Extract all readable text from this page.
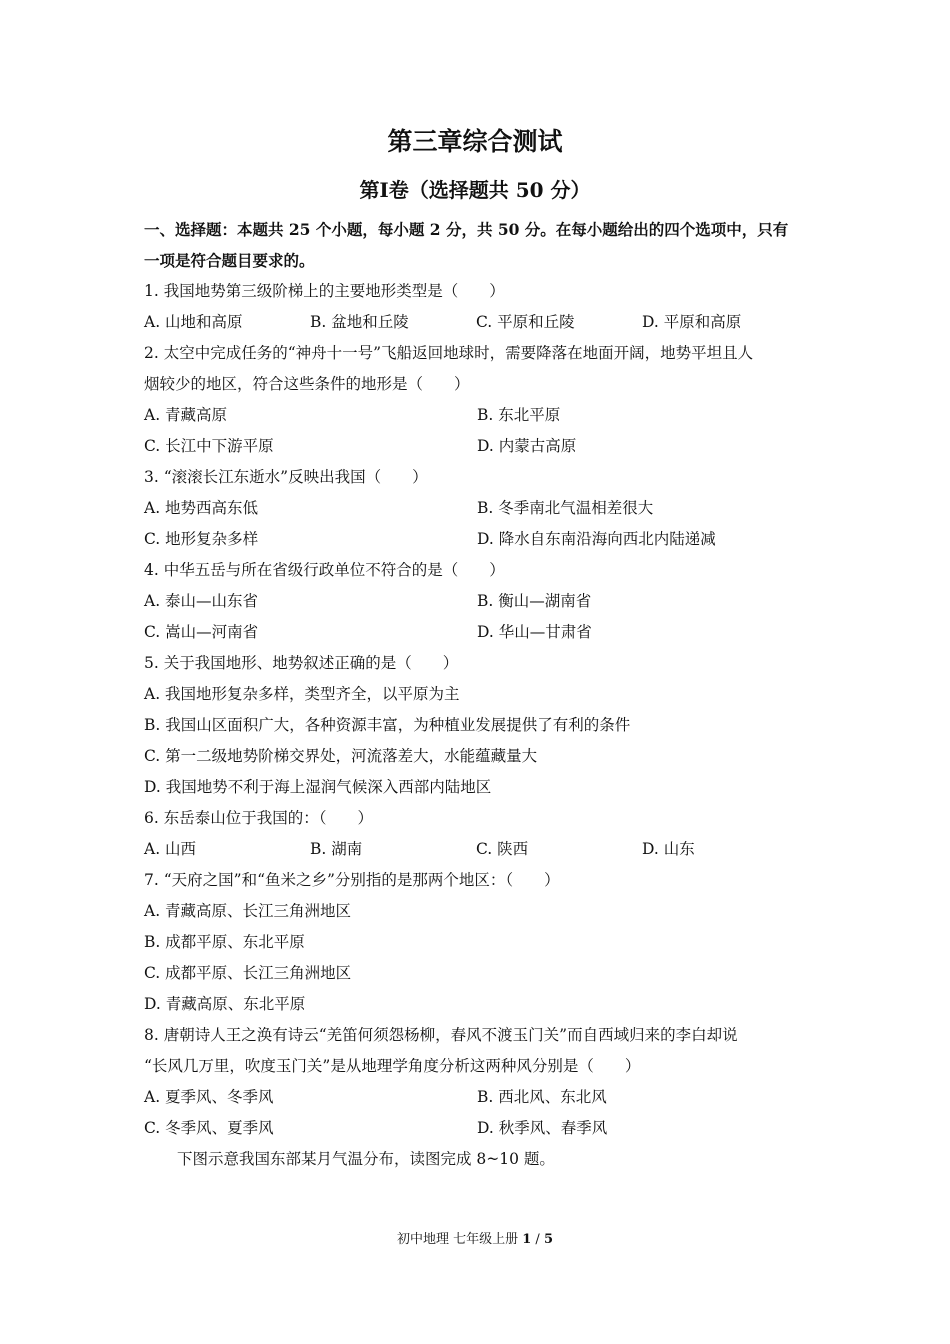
第三章综合测试
第I卷（选择题共 50 分）
一、选择题：本题共 25 个小题，每小题 2 分，共 50 分。在每小题给出的四个选项中，只有
一项是符合题目要求的。
1. 我国地势第三级阶梯上的主要地形类型是（　　）
A. 山地和高原	B. 盆地和丘陵	C. 平原和丘陵	D. 平原和高原
2. 太空中完成任务的“神舟十一号”飞船返回地球时，需要降落在地面开阔，地势平坦且人
烟较少的地区，符合这些条件的地形是（　　）
A. 青藏高原	B. 东北平原
C. 长江中下游平原	D. 内蒙古高原
3. “滚滚长江东逝水”反映出我国（　　）
A. 地势西高东低	B. 冬季南北气温相差很大
C. 地形复杂多样	D. 降水自东南沿海向西北内陆递减
4. 中华五岳与所在省级行政单位不符合的是（　　）
A. 泰山—山东省	B. 衡山—湖南省
C. 嵩山—河南省	D. 华山—甘肃省
5. 关于我国地形、地势叙述正确的是（　　）
A. 我国地形复杂多样，类型齐全，以平原为主
B. 我国山区面积广大，各种资源丰富，为种植业发展提供了有利的条件
C. 第一二级地势阶梯交界处，河流落差大，水能蕴藏量大
D. 我国地势不利于海上湿润气候深入西部内陆地区
6. 东岳泰山位于我国的：（　　）
A. 山西	B. 湖南	C. 陕西	D. 山东
7. “天府之国”和“鱼米之乡”分别指的是那两个地区：（　　）
A. 青藏高原、长江三角洲地区
B. 成都平原、东北平原
C. 成都平原、长江三角洲地区
D. 青藏高原、东北平原
8. 唐朝诗人王之涣有诗云“羌笛何须怨杨柳，春风不渡玉门关”而自西域归来的李白却说
“长风几万里，吹度玉门关”是从地理学角度分析这两种风分别是（　　）
A. 夏季风、冬季风	B. 西北风、东北风
C. 冬季风、夏季风	D. 秋季风、春季风
下图示意我国东部某月气温分布，读图完成 8~10 题。
初中地理 七年级上册 1 / 5
